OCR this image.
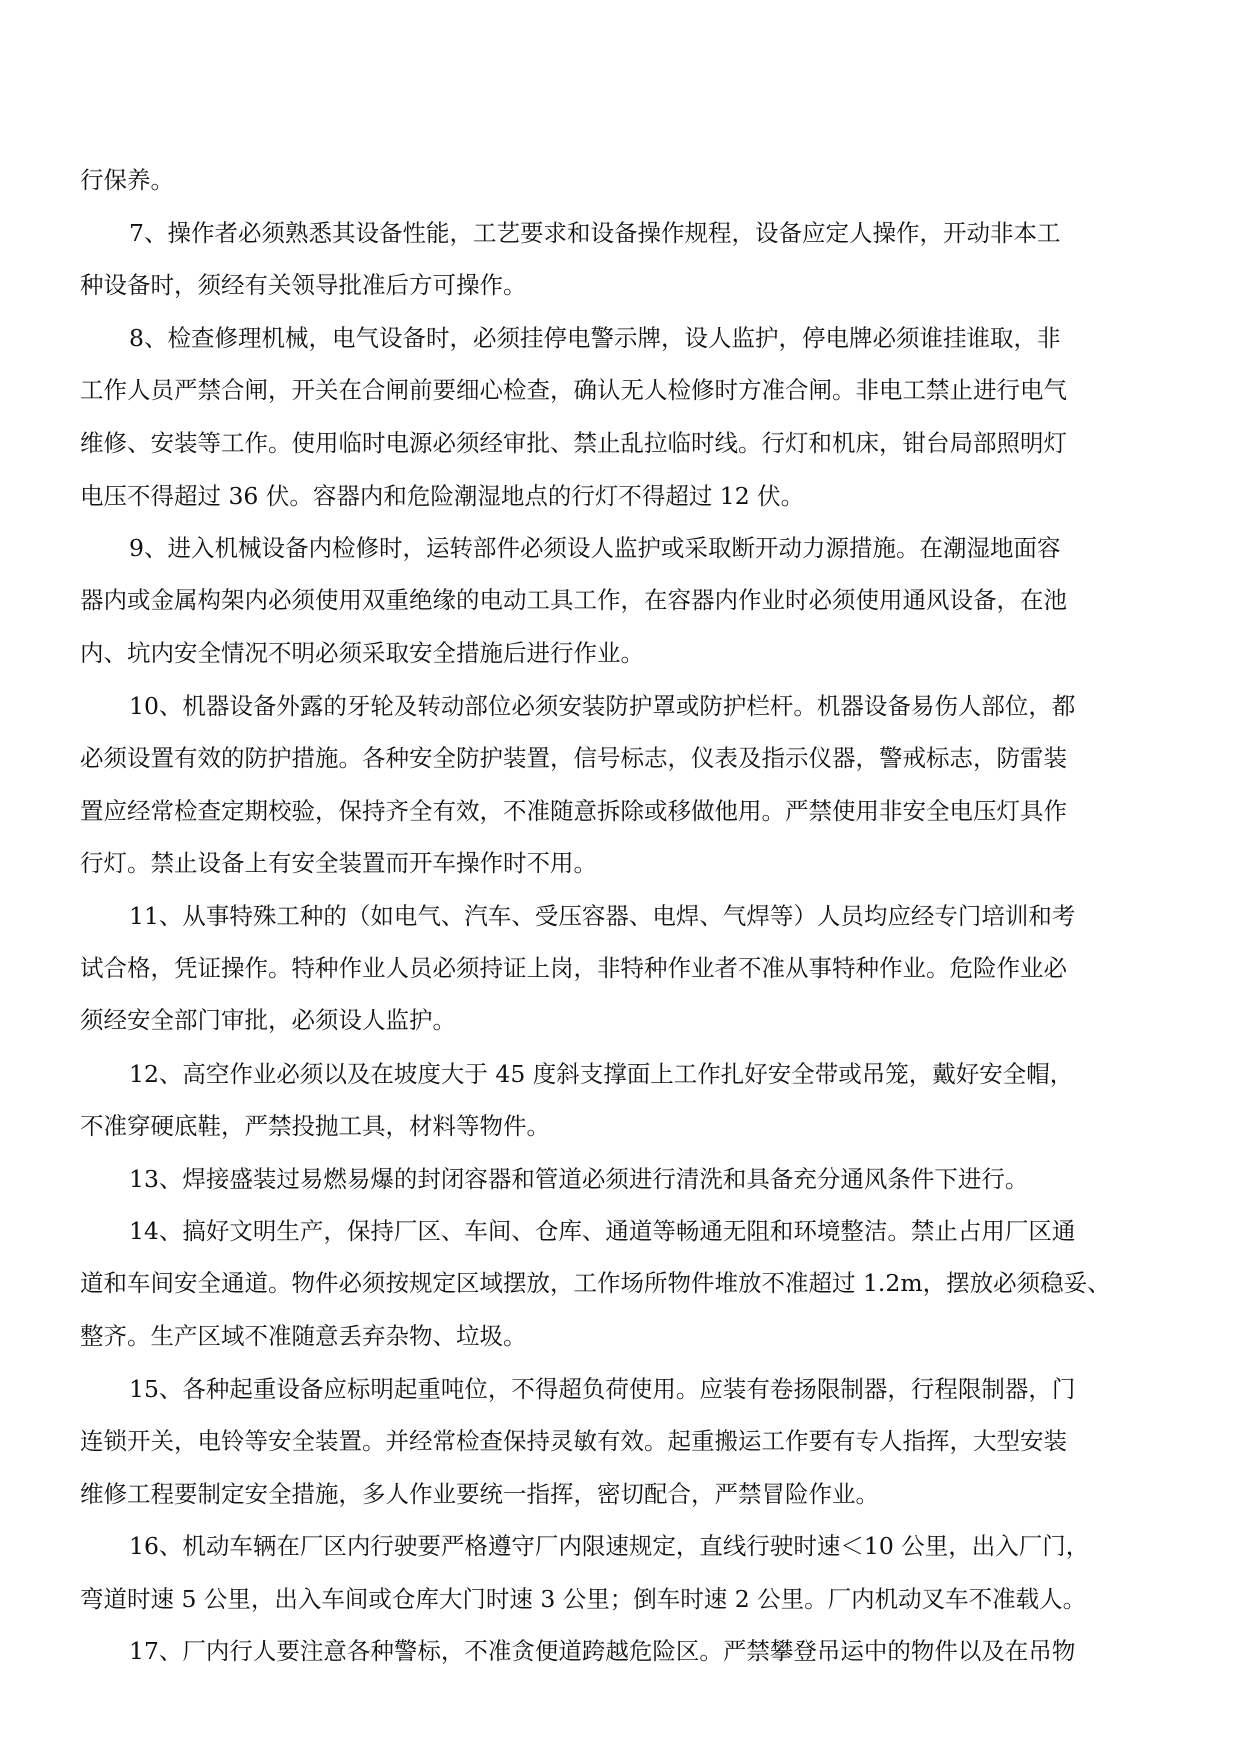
行保养。
7、操作者必须熟悉其设备性能，工艺要求和设备操作规程，设备应定人操作，开动非本工
种设备时，须经有关领导批准后方可操作。
8、检查修理机械，电气设备时，必须挂停电警示牌，设人监护，停电牌必须谁挂谁取，非
工作人员严禁合闸，开关在合闸前要细心检查，确认无人检修时方准合闸。非电工禁止进行电气
维修、安装等工作。使用临时电源必须经审批、禁止乱拉临时线。行灯和机床，钳台局部照明灯
电压不得超过 36 伏。容器内和危险潮湿地点的行灯不得超过 12 伏。
9、进入机械设备内检修时，运转部件必须设人监护或采取断开动力源措施。在潮湿地面容
器内或金属构架内必须使用双重绝缘的电动工具工作，在容器内作业时必须使用通风设备，在池
内、坑内安全情况不明必须采取安全措施后进行作业。
10、机器设备外露的牙轮及转动部位必须安装防护罩或防护栏杆。机器设备易伤人部位，都
必须设置有效的防护措施。各种安全防护装置，信号标志，仪表及指示仪器，警戒标志，防雷装
置应经常检查定期校验，保持齐全有效，不准随意拆除或移做他用。严禁使用非安全电压灯具作
行灯。禁止设备上有安全装置而开车操作时不用。
11、从事特殊工种的（如电气、汽车、受压容器、电焊、气焊等）人员均应经专门培训和考
试合格，凭证操作。特种作业人员必须持证上岗，非特种作业者不准从事特种作业。危险作业必
须经安全部门审批，必须设人监护。
12、高空作业必须以及在坡度大于 45 度斜支撑面上工作扎好安全带或吊笼，戴好安全帽，
不准穿硬底鞋，严禁投抛工具，材料等物件。
13、焊接盛装过易燃易爆的封闭容器和管道必须进行清洗和具备充分通风条件下进行。
14、搞好文明生产，保持厂区、车间、仓库、通道等畅通无阻和环境整洁。禁止占用厂区通
道和车间安全通道。物件必须按规定区域摆放，工作场所物件堆放不准超过 1.2m，摆放必须稳妥、
整齐。生产区域不准随意丢弃杂物、垃圾。
15、各种起重设备应标明起重吨位，不得超负荷使用。应装有卷扬限制器，行程限制器，门
连锁开关，电铃等安全装置。并经常检查保持灵敏有效。起重搬运工作要有专人指挥，大型安装
维修工程要制定安全措施，多人作业要统一指挥，密切配合，严禁冒险作业。
16、机动车辆在厂区内行驶要严格遵守厂内限速规定，直线行驶时速＜10 公里，出入厂门，
弯道时速 5 公里，出入车间或仓库大门时速 3 公里；倒车时速 2 公里。厂内机动叉车不准载人。
17、厂内行人要注意各种警标，不准贪便道跨越危险区。严禁攀登吊运中的物件以及在吊物
